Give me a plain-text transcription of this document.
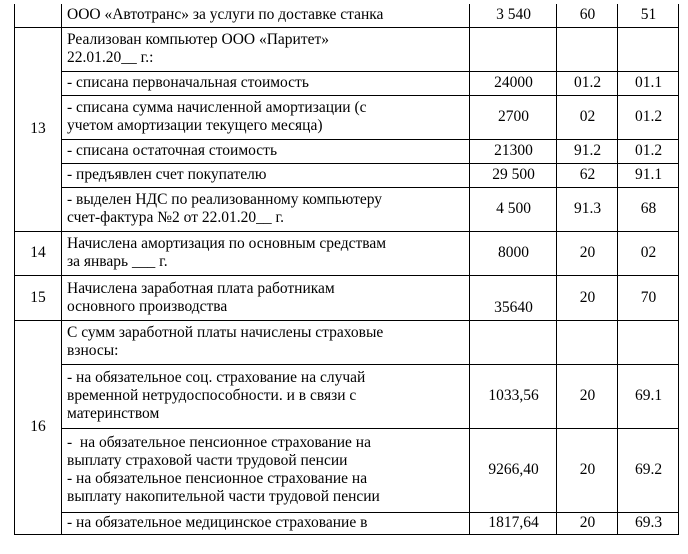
	ООО «Автотранс» за услуги по доставке станка	3 540	60	51
13	Реализован компьютер ООО «Паритет»
22.01.20__ г.:			

	- списана первоначальная стоимость	24000	01.2	01.1

	- списана сумма начисленной амортизации (с
учетом амортизации текущего месяца)	2700	02	01.2
	- списана остаточная стоимость	21300	91.2	01.2
	- предъявлен счет покупателю	29 500	62	91.1

	- выделен НДС по реализованному компьютеру
счет-фактура №2 от 22.01.20__ г.	4 500	91.3	68
14	Начислена амортизация по основным средствам
за январь ___ г.	8000	20	02
15	Начислена заработная плата работникам
основного производства	35640	20	70
16	С сумм заработной платы начислены страховые
взносы:			

	- на обязательное соц. страхование на случай
временной нетрудоспособности. и в связи с
материнством	1033,56	20	69.1

	-  на обязательное пенсионное страхование на
выплату страховой части трудовой пенсии
- на обязательное пенсионное страхование на
выплату накопительной части трудовой пенсии	9266,40	20	69.2
	- на обязательное медицинское страхование в	1817,64	20	69.3
